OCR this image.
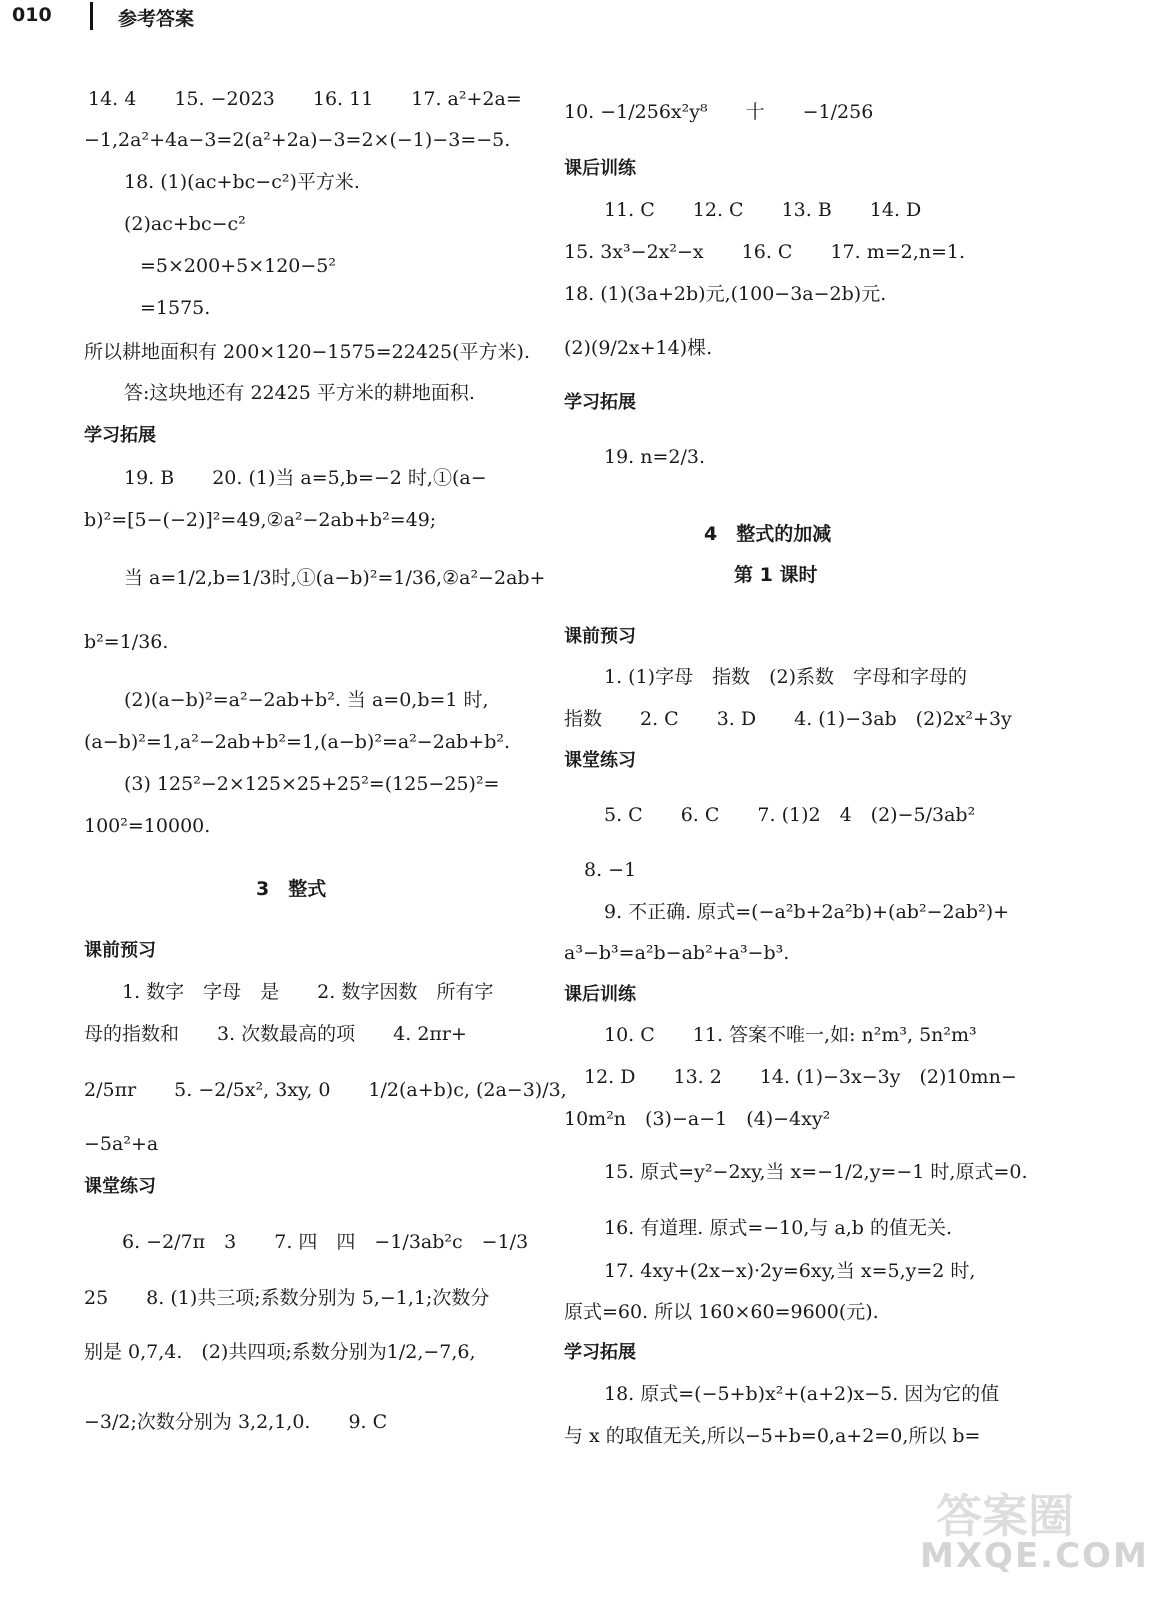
010	参考答案
14. 4　　15. −2023　　16. 11　　17. a²+2a=
−1,2a²+4a−3=2(a²+2a)−3=2×(−1)−3=−5.
18. (1)(ac+bc−c²)平方米.
(2)ac+bc−c²
=5×200+5×120−5²
=1575.
所以耕地面积有 200×120−1575=22425(平方米).
答:这块地还有 22425 平方米的耕地面积.
学习拓展
19. B　　20. (1)当 a=5,b=−2 时,①(a−
b)²=[5−(−2)]²=49,②a²−2ab+b²=49;
当 a=1/2,b=1/3时,①(a−b)²=1/36,②a²−2ab+
b²=1/36.
(2)(a−b)²=a²−2ab+b². 当 a=0,b=1 时,
(a−b)²=1,a²−2ab+b²=1,(a−b)²=a²−2ab+b².
(3) 125²−2×125×25+25²=(125−25)²=
100²=10000.
3　整式
课前预习
1. 数字　字母　是　　2. 数字因数　所有字
母的指数和　　3. 次数最高的项　　4. 2πr+
2/5πr　　5. −2/5x², 3xy, 0　　1/2(a+b)c, (2a−3)/3,
−5a²+a
课堂练习
6. −2/7π　3　　7. 四　四　−1/3ab²c　−1/3
25　　8. (1)共三项;系数分别为 5,−1,1;次数分
别是 0,7,4.　(2)共四项;系数分别为1/2,−7,6,
−3/2;次数分别为 3,2,1,0.　　9. C
10. −1/256x²y⁸　　十　　−1/256
课后训练
11. C　　12. C　　13. B　　14. D
15. 3x³−2x²−x　　16. C　　17. m=2,n=1.
18. (1)(3a+2b)元,(100−3a−2b)元.
(2)(9/2x+14)棵.
学习拓展
19. n=2/3.
4　整式的加减
第 1 课时
课前预习
1. (1)字母　指数　(2)系数　字母和字母的
指数　　2. C　　3. D　　4. (1)−3ab　(2)2x²+3y
课堂练习
5. C　　6. C　　7. (1)2　4　(2)−5/3ab²
8. −1
9. 不正确. 原式=(−a²b+2a²b)+(ab²−2ab²)+
a³−b³=a²b−ab²+a³−b³.
课后训练
10. C　　11. 答案不唯一,如: n²m³, 5n²m³
12. D　　13. 2　　14. (1)−3x−3y　(2)10mn−
10m²n　(3)−a−1　(4)−4xy²
15. 原式=y²−2xy,当 x=−1/2,y=−1 时,原式=0.
16. 有道理. 原式=−10,与 a,b 的值无关.
17. 4xy+(2x−x)·2y=6xy,当 x=5,y=2 时,
原式=60. 所以 160×60=9600(元).
学习拓展
18. 原式=(−5+b)x²+(a+2)x−5. 因为它的值
与 x 的取值无关,所以−5+b=0,a+2=0,所以 b=
答案圈
MXQE.COM
